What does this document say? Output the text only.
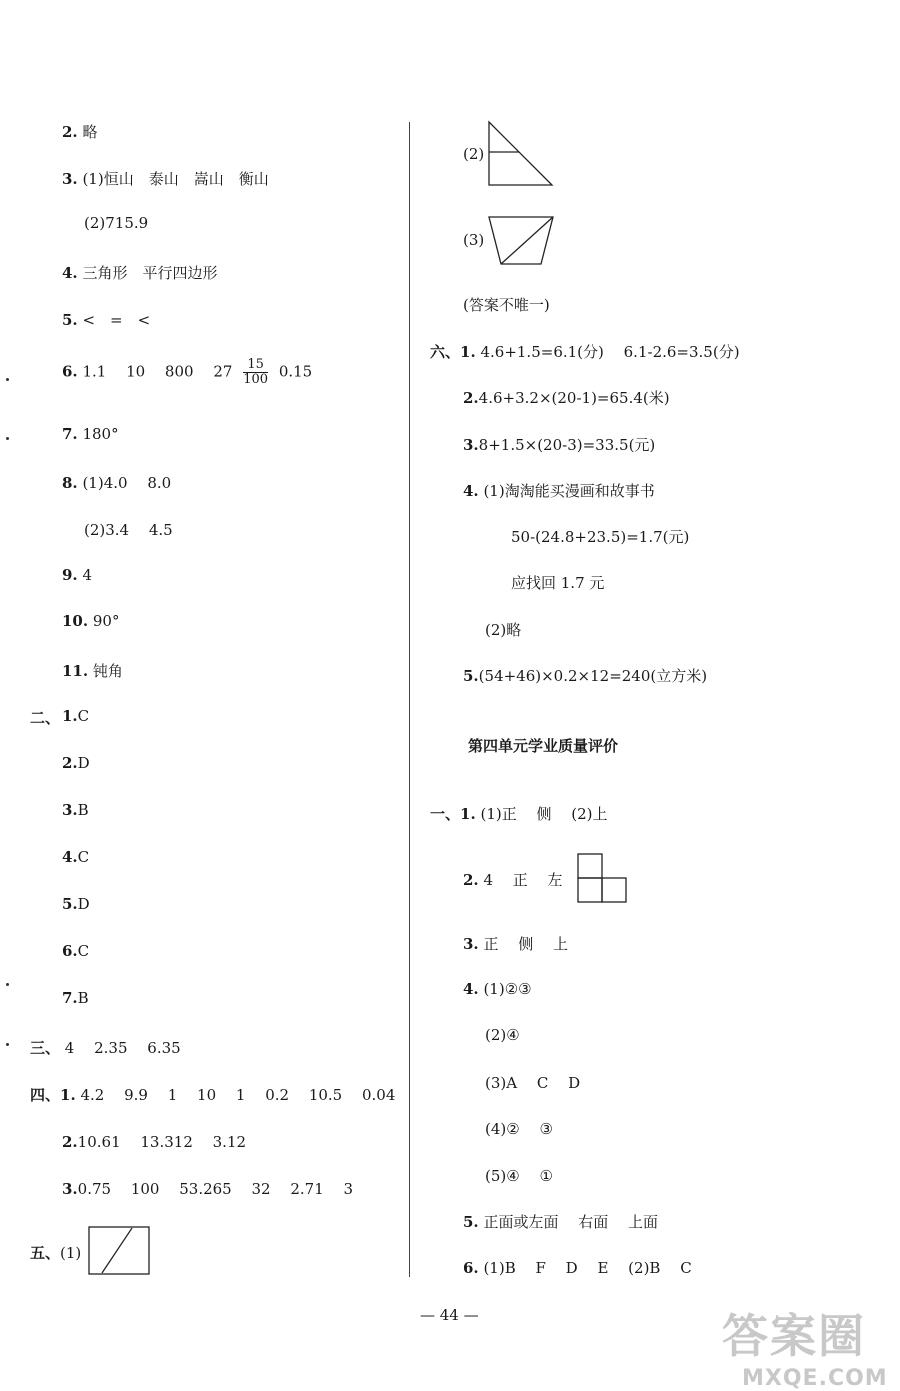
2. 略
3. (1)恒山　泰山　嵩山　衡山
(2)715.9
4. 三角形　平行四边形
5. <　=　<
6. 1.1　 10　 800　 $27 \frac{15}{100} 0.15$
7. 180°
8. (1)4.0　 8.0
(2)3.4　 4.5
9. 4
10. 90°
11. 钝角
二、 1.C
2.D
3.B
4.C
5.D
6.C
7.B
三、 4　 2.35　 6.35
四、1. 4.2　 9.9　 1　 10　 1　 0.2　 10.5　 0.04
2.10.61　 13.312　 3.12
3.0.75　 100　 53.265　 32　 2.71　 3
五、(1)
(2)
(3)
(答案不唯一)
六、1. 4.6+1.5=6.1(分)　 6.1-2.6=3.5(分)
2.4.6+3.2×(20-1)=65.4(米)
3.8+1.5×(20-3)=33.5(元)
4. (1)淘淘能买漫画和故事书
50-(24.8+23.5)=1.7(元)
应找回 1.7 元
(2)略
5.(54+46)×0.2×12=240(立方米)
第四单元学业质量评价
一、1. (1)正　 侧　 (2)上
2. 4　 正　 左
3. 正　 侧　 上
4. (1)②③
(2)④
(3)A　 C　 D
(4)②　 ③
(5)④　 ①
5. 正面或左面　 右面　 上面
6. (1)B　 F　 D　 E　 (2)B　 C
— 44 —	答案圈
MXQE.COM
